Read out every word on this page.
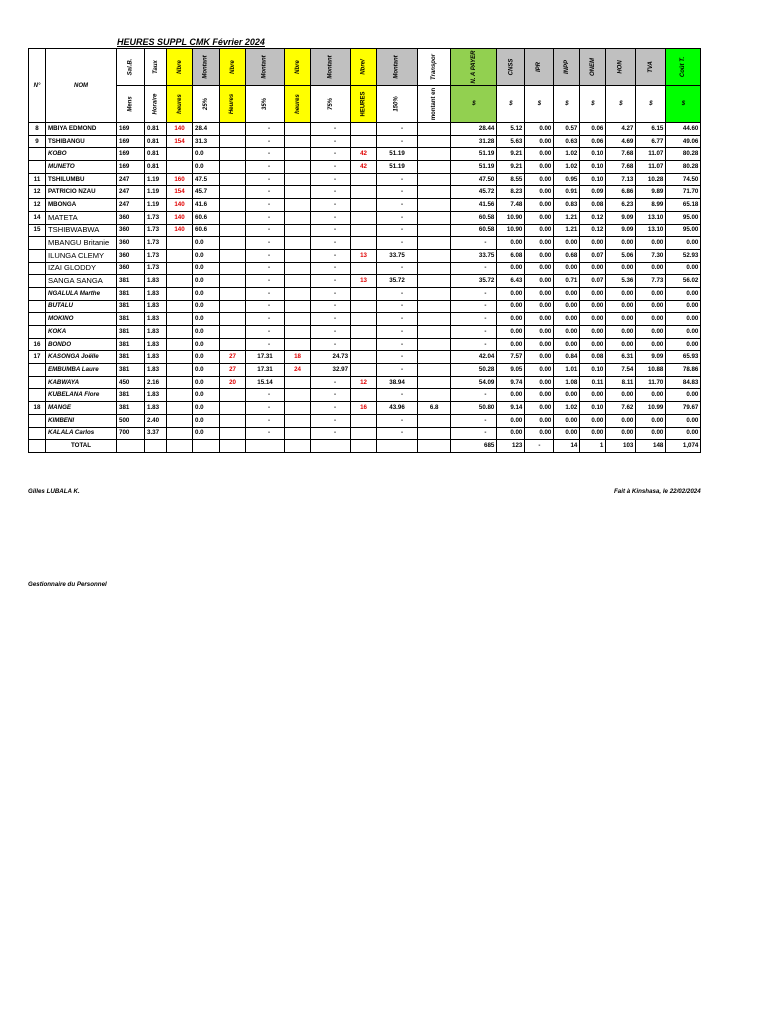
HEURES SUPPL CMK Février 2024
N°	NOM	Sal.B.	Taux	Nbre	Montant	Nbre	Montant	Nbre	Montant	Nbre/	Montant	Transpor	N. A PAYER	CNSS	IPR	INPP	ONEM	HON	TVA	Coût T.
		Mens	Horaire	heures	25%	Heures	35%	heures	75%	HEURES	150%	montant en	$	$	$	$	$	$	$	$
8	MBIYA EDMOND	169	0.81	140	28.4		-		-		-		28.44	5.12	0.00	0.57	0.06	4.27	6.15	44.60
9	TSHIBANGU	169	0.81	154	31.3		-		-		-		31.28	5.63	0.00	0.63	0.06	4.69	6.77	49.06
	KOBO	169	0.81		0.0		-		-	42	51.19		51.19	9.21	0.00	1.02	0.10	7.68	11.07	80.28
	MUNETO	169	0.81		0.0		-		-	42	51.19		51.19	9.21	0.00	1.02	0.10	7.68	11.07	80.28
11	TSHILUMBU	247	1.19	160	47.5		-		-		-		47.50	8.55	0.00	0.95	0.10	7.13	10.28	74.50
12	PATRICIO NZAU	247	1.19	154	45.7		-		-		-		45.72	8.23	0.00	0.91	0.09	6.86	9.89	71.70
12	MBONGA	247	1.19	140	41.6		-		-		-		41.56	7.48	0.00	0.83	0.08	6.23	8.99	65.18
14	MATETA	360	1.73	140	60.6		-		-		-		60.58	10.90	0.00	1.21	0.12	9.09	13.10	95.00
15	TSHIBWABWA	360	1.73	140	60.6		-		-		-		60.58	10.90	0.00	1.21	0.12	9.09	13.10	95.00
	MBANGU Britanie	360	1.73		0.0		-		-		-		-	0.00	0.00	0.00	0.00	0.00	0.00	0.00
	ILUNGA CLEMY	360	1.73		0.0		-		-	13	33.75		33.75	6.08	0.00	0.68	0.07	5.06	7.30	52.93
	IZAI GLODDY	360	1.73		0.0		-		-		-		-	0.00	0.00	0.00	0.00	0.00	0.00	0.00
	SANGA SANGA	381	1.83		0.0		-		-	13	35.72		35.72	6.43	0.00	0.71	0.07	5.36	7.73	56.02
	NGALULA Marthe	381	1.83		0.0		-		-		-		-	0.00	0.00	0.00	0.00	0.00	0.00	0.00
	BUTALU	381	1.83		0.0		-		-		-		-	0.00	0.00	0.00	0.00	0.00	0.00	0.00
	MOKINO	381	1.83		0.0		-		-		-		-	0.00	0.00	0.00	0.00	0.00	0.00	0.00
	KOKA	381	1.83		0.0		-		-		-		-	0.00	0.00	0.00	0.00	0.00	0.00	0.00
16	BONDO	381	1.83		0.0		-		-		-		-	0.00	0.00	0.00	0.00	0.00	0.00	0.00
17	KASONGA Joëlle	381	1.83		0.0	27	17.31	18	24.73		-		42.04	7.57	0.00	0.84	0.08	6.31	9.09	65.93
	EMBUMBA Laure	381	1.83		0.0	27	17.31	24	32.97		-		50.28	9.05	0.00	1.01	0.10	7.54	10.88	78.86
	KABWAYA	450	2.16		0.0	20	15.14		-	12	38.94		54.09	9.74	0.00	1.08	0.11	8.11	11.70	84.83
	KUBELANA Flore	381	1.83		0.0		-		-		-		-	0.00	0.00	0.00	0.00	0.00	0.00	0.00
18	MANGE	381	1.83		0.0		-		-	16	43.96	6.8	50.80	9.14	0.00	1.02	0.10	7.62	10.99	79.67
	KIMBENI	500	2.40		0.0		-		-		-		-	0.00	0.00	0.00	0.00	0.00	0.00	0.00
	KALALA Carlos	700	3.37		0.0		-		-		-		-	0.00	0.00	0.00	0.00	0.00	0.00	0.00
	TOTAL												685	123	-	14	1	103	148	1,074
Gilles LUBALA K.	Fait à Kinshasa, le 22/02/2024
Gestionnaire du Personnel
